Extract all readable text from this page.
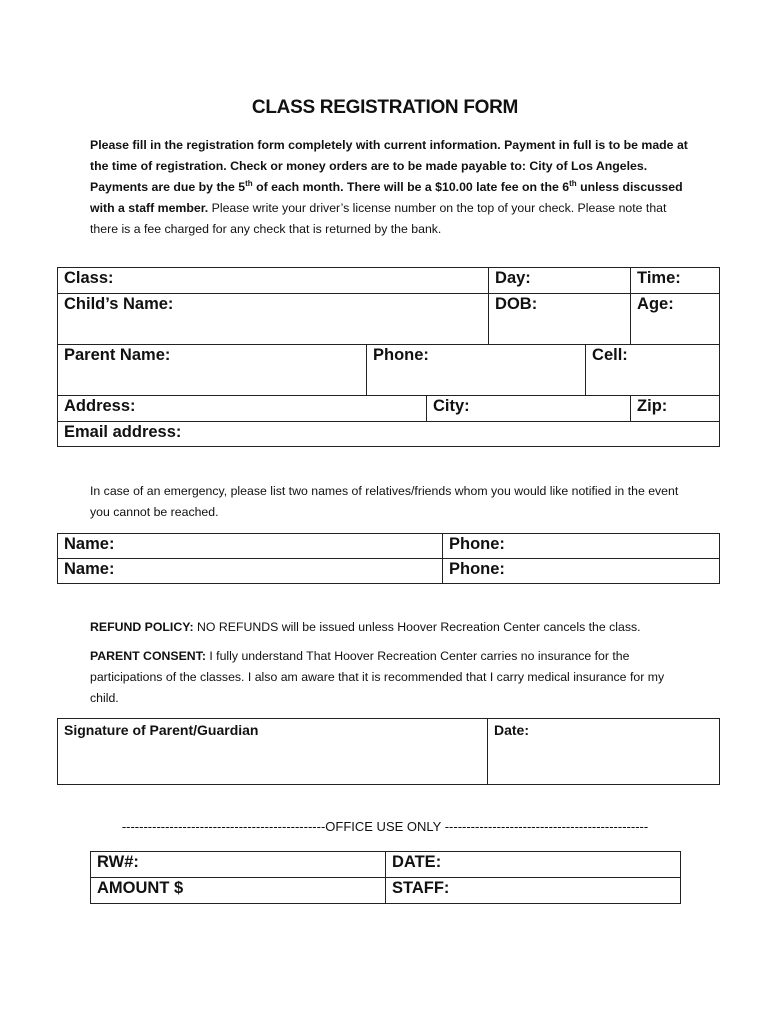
CLASS REGISTRATION FORM
Please fill in the registration form completely with current information. Payment in full is to be made at the time of registration. Check or money orders are to be made payable to: City of Los Angeles. Payments are due by the 5th of each month. There will be a $10.00 late fee on the 6th unless discussed with a staff member. Please write your driver’s license number on the top of your check. Please note that there is a fee charged for any check that is returned by the bank.
Class:			Day:		Time:
Child’s Name:			DOB:		Age:
Parent Name:	Phone:			Cell:	
Address:		City:			Zip:
Email address:					
In case of an emergency, please list two names of relatives/friends whom you would like notified in the event you cannot be reached.
Name:	Phone:
Name:	Phone:
REFUND POLICY: NO REFUNDS will be issued unless Hoover Recreation Center cancels the class.
PARENT CONSENT: I fully understand That Hoover Recreation Center carries no insurance for the participations of the classes. I also am aware that it is recommended that I carry medical insurance for my child.
Signature of Parent/Guardian	Date:
-----------------------------------------------OFFICE USE ONLY -----------------------------------------------
RW#:	DATE:
AMOUNT $	STAFF:
